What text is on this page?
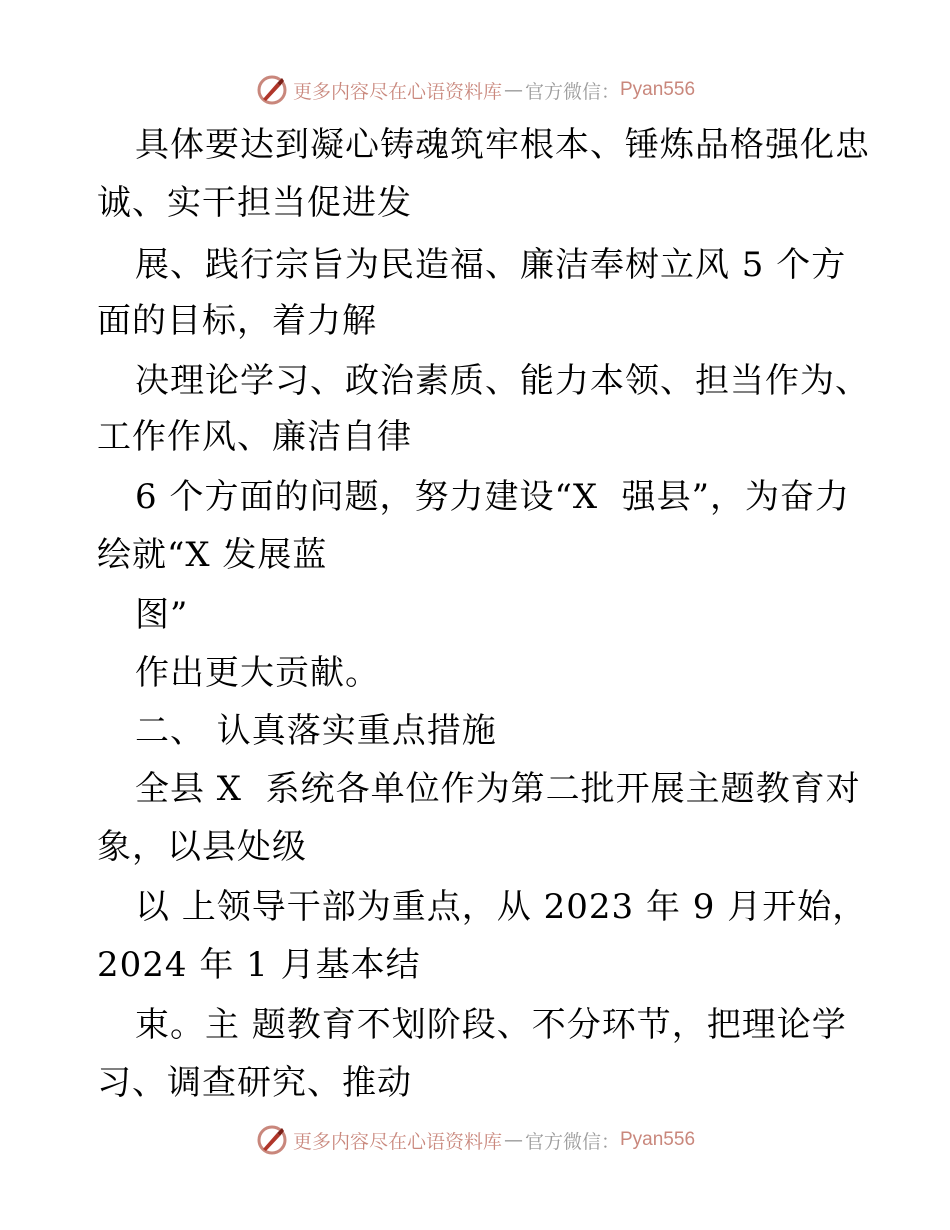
更多内容尽在心语资料库 — 官方微信： Pyan556
具体要达到凝心铸魂筑牢根本、锤炼品格强化忠
诚、实干担当促进发
展、践行宗旨为民造福、廉洁奉树立风 5 个方
面的目标，着力解
决理论学习、政治素质、能力本领、担当作为、
工作作风、廉洁自律
6 个方面的问题，努力建设“X  强县”，为奋力
绘就“X 发展蓝
图”
作出更大贡献。
二、 认真落实重点措施
全县 X  系统各单位作为第二批开展主题教育对
象，以县处级
以 上领导干部为重点，从 2023 年 9 月开始，
2024 年 1 月基本结
束。主 题教育不划阶段、不分环节，把理论学
习、调查研究、推动
更多内容尽在心语资料库 — 官方微信： Pyan556
